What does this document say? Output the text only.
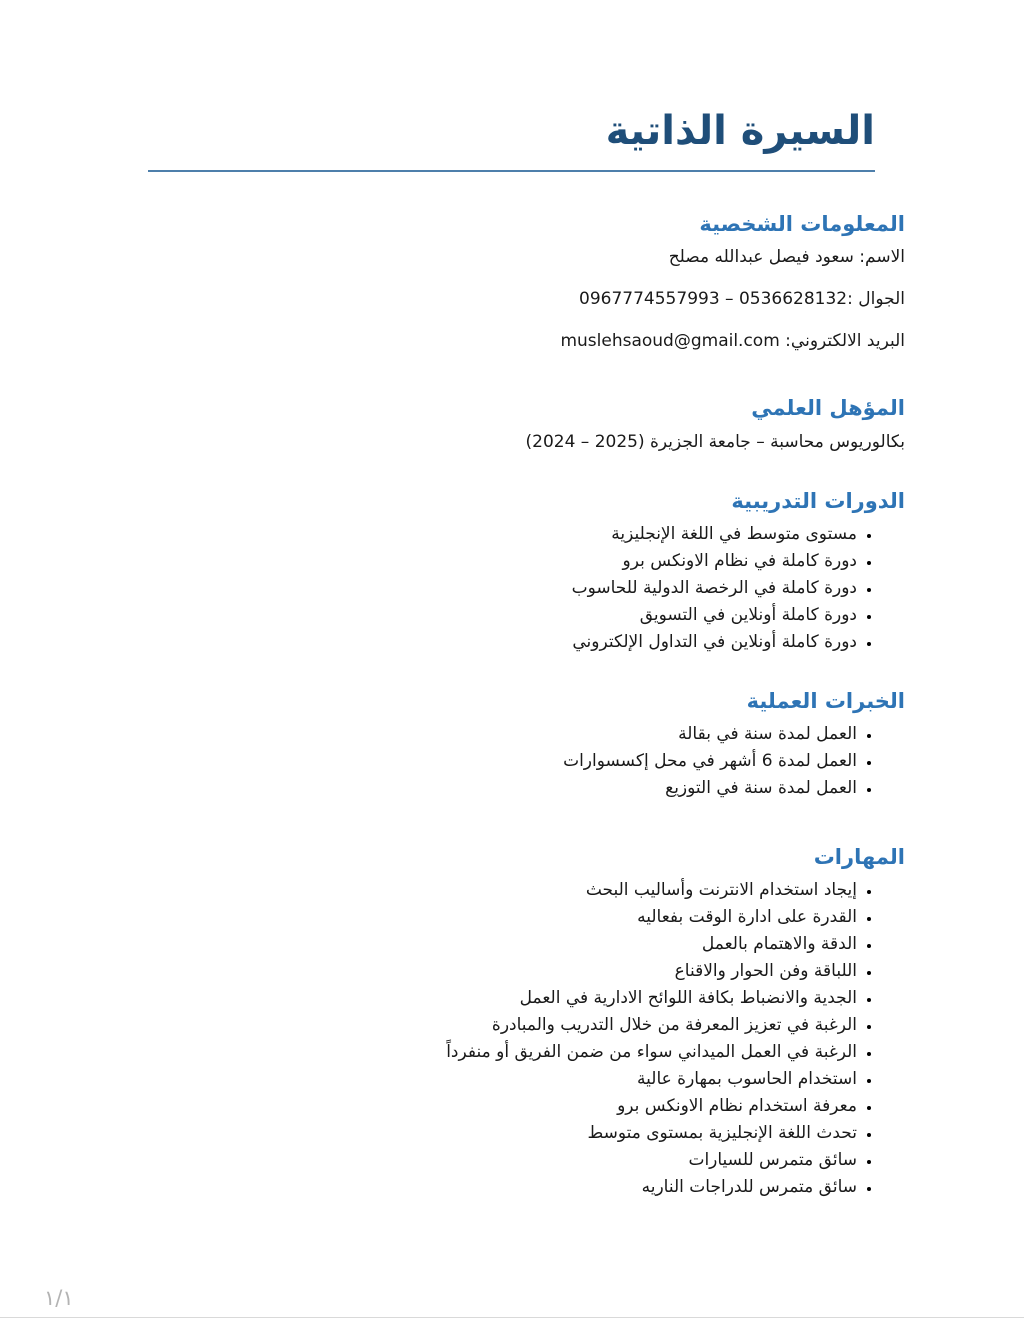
السيرة الذاتية
المعلومات الشخصية

الاسم: سعود فيصل عبدالله مصلح

الجوال :0536628132 – 0967774557993

البريد الالكتروني: muslehsaoud@gmail.com

المؤهل العلمي

بكالوريوس محاسبة – جامعة الجزيرة (2025 – 2024)

الدورات التدريبية
• مستوى متوسط في اللغة الإنجليزية
• دورة كاملة في نظام الاونكس برو
• دورة كاملة في الرخصة الدولية للحاسوب
• دورة كاملة أونلاين في التسويق
• دورة كاملة أونلاين في التداول الإلكتروني
الخبرات العملية
• العمل لمدة سنة في بقالة
• العمل لمدة 6 أشهر في محل إكسسوارات
• العمل لمدة سنة في التوزيع
المهارات
• إيجاد استخدام الانترنت وأساليب البحث
• القدرة على ادارة الوقت بفعاليه
• الدقة والاهتمام بالعمل
• اللباقة وفن الحوار والاقناع
• الجدية والانضباط بكافة اللوائح الادارية في العمل
• الرغبة في تعزيز المعرفة من خلال التدريب والمبادرة
• الرغبة في العمل الميداني سواء من ضمن الفريق أو منفرداً
• استخدام الحاسوب بمهارة عالية
• معرفة استخدام نظام الاونكس برو
• تحدث اللغة الإنجليزية بمستوى متوسط
• سائق متمرس للسيارات
• سائق متمرس للدراجات الناريه
١/١
